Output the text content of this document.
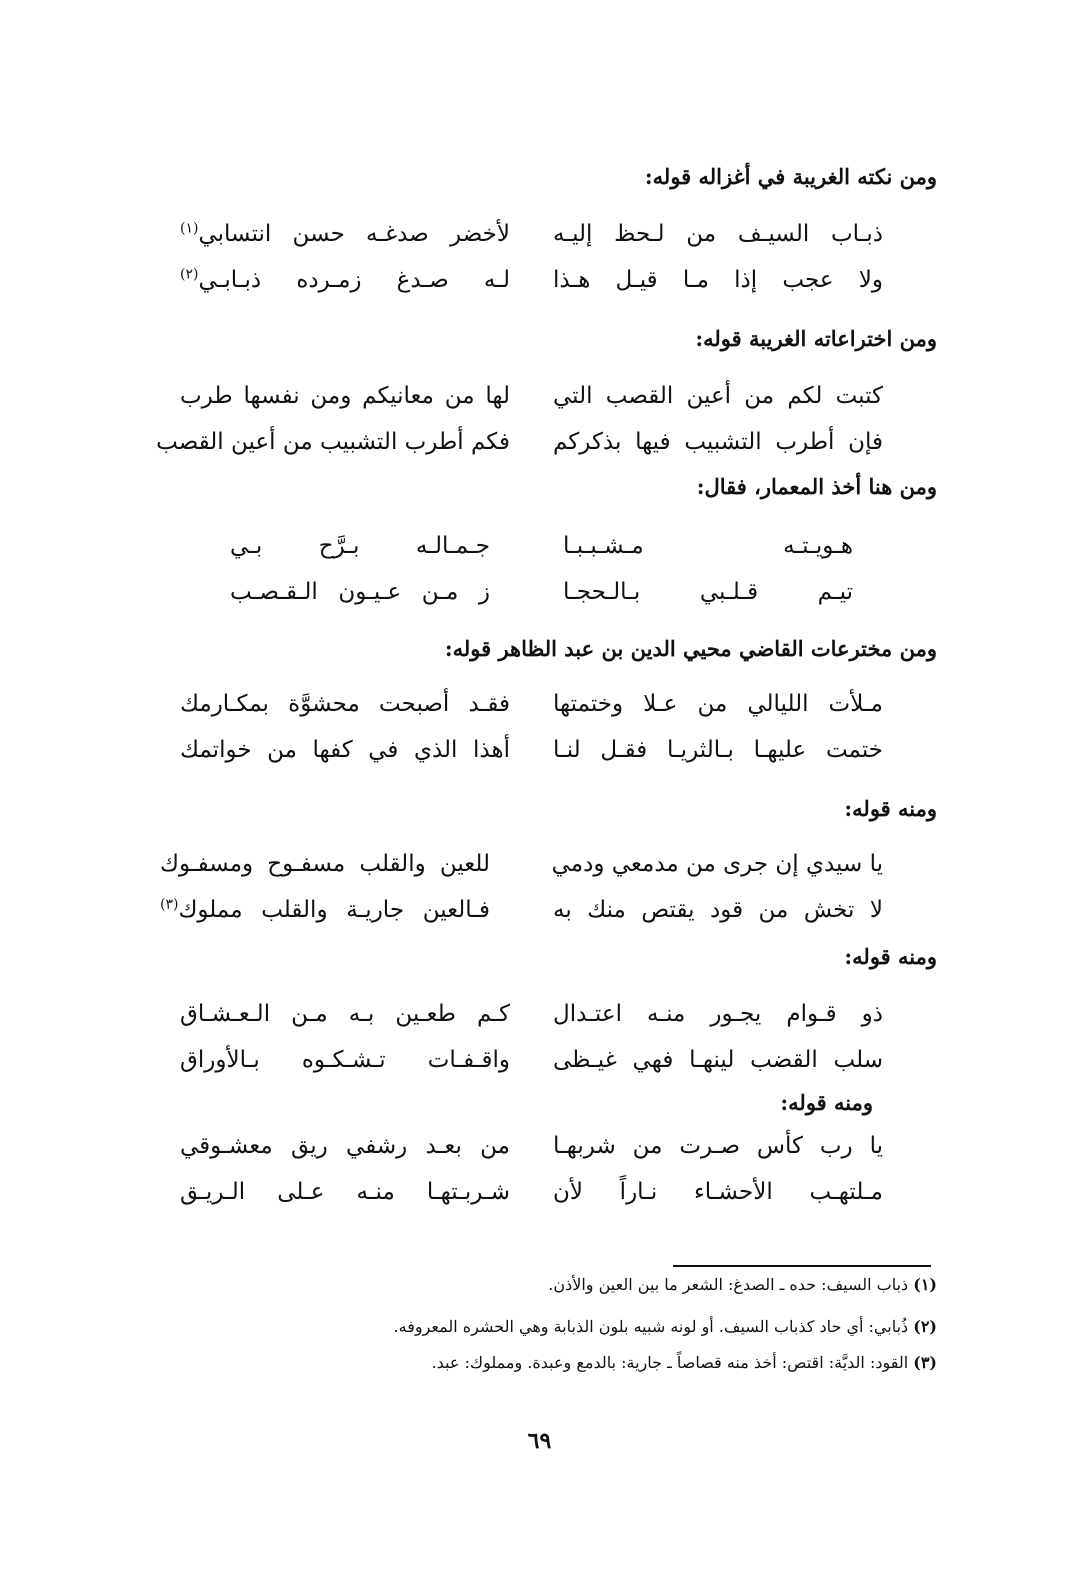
ومن نكته الغريبة في أغزاله قوله:
ذبـاب السيـف من لـحظ إليـه
لأخضر صدغـه حسن انتسابي$^{(١)}$
ولا عجب إذا مـا قيـل هـذا
لـه صـدغ زمـرده ذبـابـي$^{(٢)}$
ومن اختراعاته الغريبة قوله:
كتبت لكم من أعين القصب التي
لها من معانيكم ومن نفسها طرب
فإن أطرب التشبيب فيها بذكركم
فكم أطرب التشبيب من أعين القصب
ومن هنا أخذ المعمار، فقال:
هـويـتـه مـشـبـبـا
جـمـالـه بـرَّح بـي
تيـم قـلـبي بـالـحجـا
ز مـن عـيـون الـقـصـب
ومن مخترعات القاضي محيي الدين بن عبد الظاهر قوله:
مـلأت الليالي من عـلا وختمتها
فقـد أصبحت محشوَّة بمكـارمك
ختمت عليهـا بـالثريـا فقـل لنـا
أهذا الذي في كفها من خواتمك
ومنه قوله:
يا سيدي إن جرى من مدمعي ودمي
للعين والقلب مسفـوح ومسفـوك
لا تخش من قود يقتص منك به
فـالعين جاريـة والقلب مملوك$^{(٣)}$
ومنه قوله:
ذو قـوام يجـور منـه اعتـدال
كـم طعـين بـه مـن الـعـشـاق
سلب القضب لينهـا فهي غيـظى
واقـفـات تـشـكـوه بـالأوراق
ومنه قوله:
يا رب كأس صـرت من شربهـا
من بعـد رشفي ريق معشـوقي
مـلتهـب الأحشـاء نـاراً لأن
شـربـتهـا منـه عـلى الـريـق
(١) ذباب السيف: حده ـ الصدغ: الشعر ما بين العين والأذن.
(٢) ذُبابي: أي حاد كذباب السيف. أو لونه شبيه بلون الذبابة وهي الحشره المعروفه.
(٣) القود: الديَّة: اقتص: أخذ منه قصاصاً ـ جارية: بالدمع وعبدة. ومملوك: عبد.
٦٩
